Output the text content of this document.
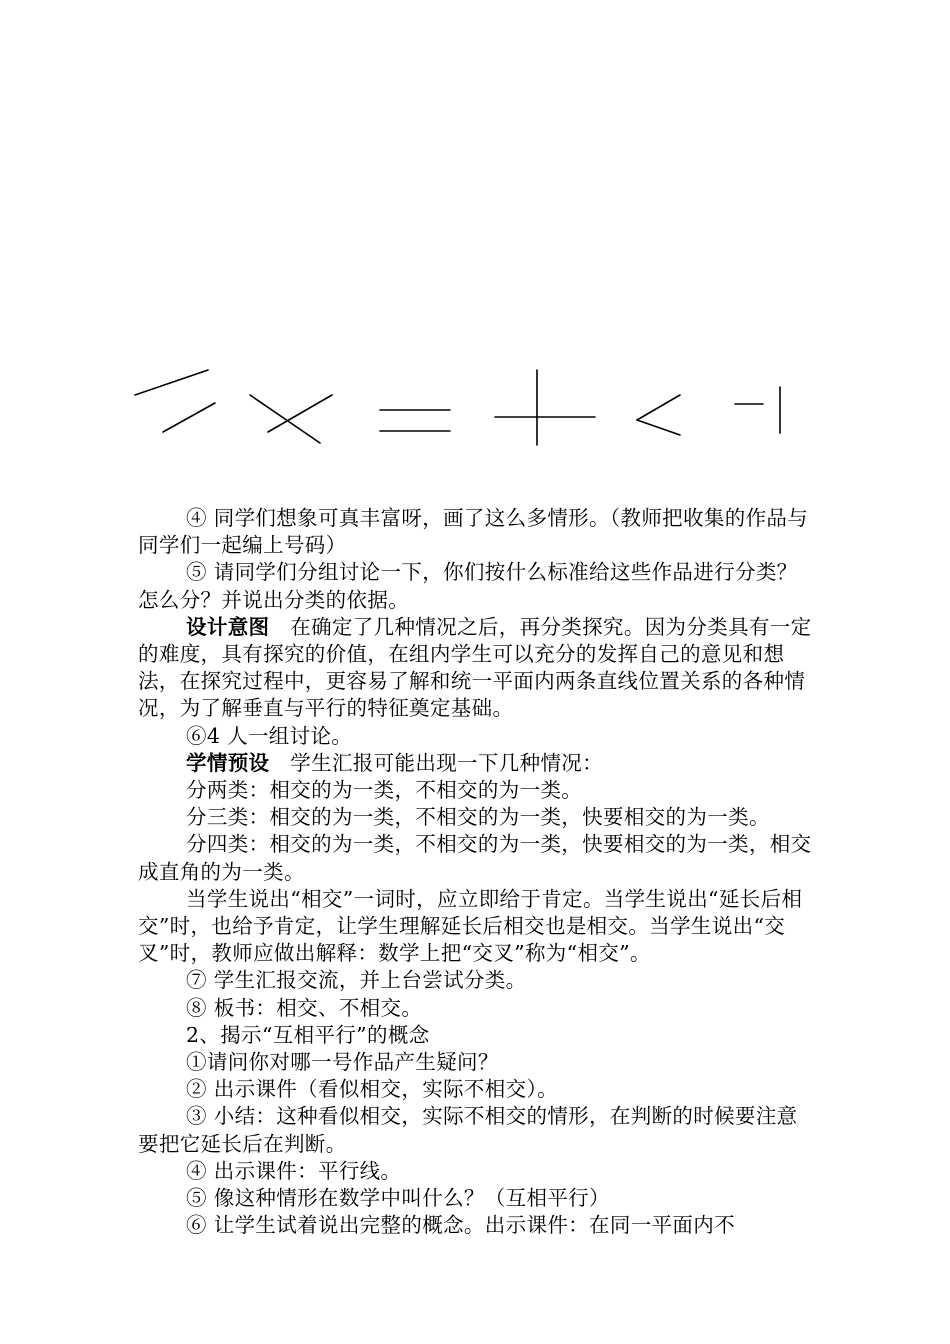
④ 同学们想象可真丰富呀，画了这么多情形。（教师把收集的作品与同学们一起编上号码）

⑤ 请同学们分组讨论一下，你们按什么标准给这些作品进行分类？怎么分？并说出分类的依据。

设计意图　在确定了几种情况之后，再分类探究。因为分类具有一定的难度，具有探究的价值，在组内学生可以充分的发挥自己的意见和想法，在探究过程中，更容易了解和统一平面内两条直线位置关系的各种情况，为了解垂直与平行的特征奠定基础。

⑥4 人一组讨论。

学情预设　学生汇报可能出现一下几种情况：

分两类：相交的为一类，不相交的为一类。

分三类：相交的为一类，不相交的为一类，快要相交的为一类。

分四类：相交的为一类，不相交的为一类，快要相交的为一类，相交成直角的为一类。

当学生说出“相交”一词时，应立即给于肯定。当学生说出“延长后相交”时，也给予肯定，让学生理解延长后相交也是相交。当学生说出“交叉”时，教师应做出解释：数学上把“交叉”称为“相交”。

⑦ 学生汇报交流，并上台尝试分类。

⑧ 板书：相交、不相交。

2、揭示“互相平行”的概念

①请问你对哪一号作品产生疑问？

② 出示课件（看似相交，实际不相交）。

③ 小结：这种看似相交，实际不相交的情形，在判断的时候要注意要把它延长后在判断。

④ 出示课件：平行线。

⑤ 像这种情形在数学中叫什么？（互相平行）

⑥ 让学生试着说出完整的概念。出示课件：在同一平面内不
